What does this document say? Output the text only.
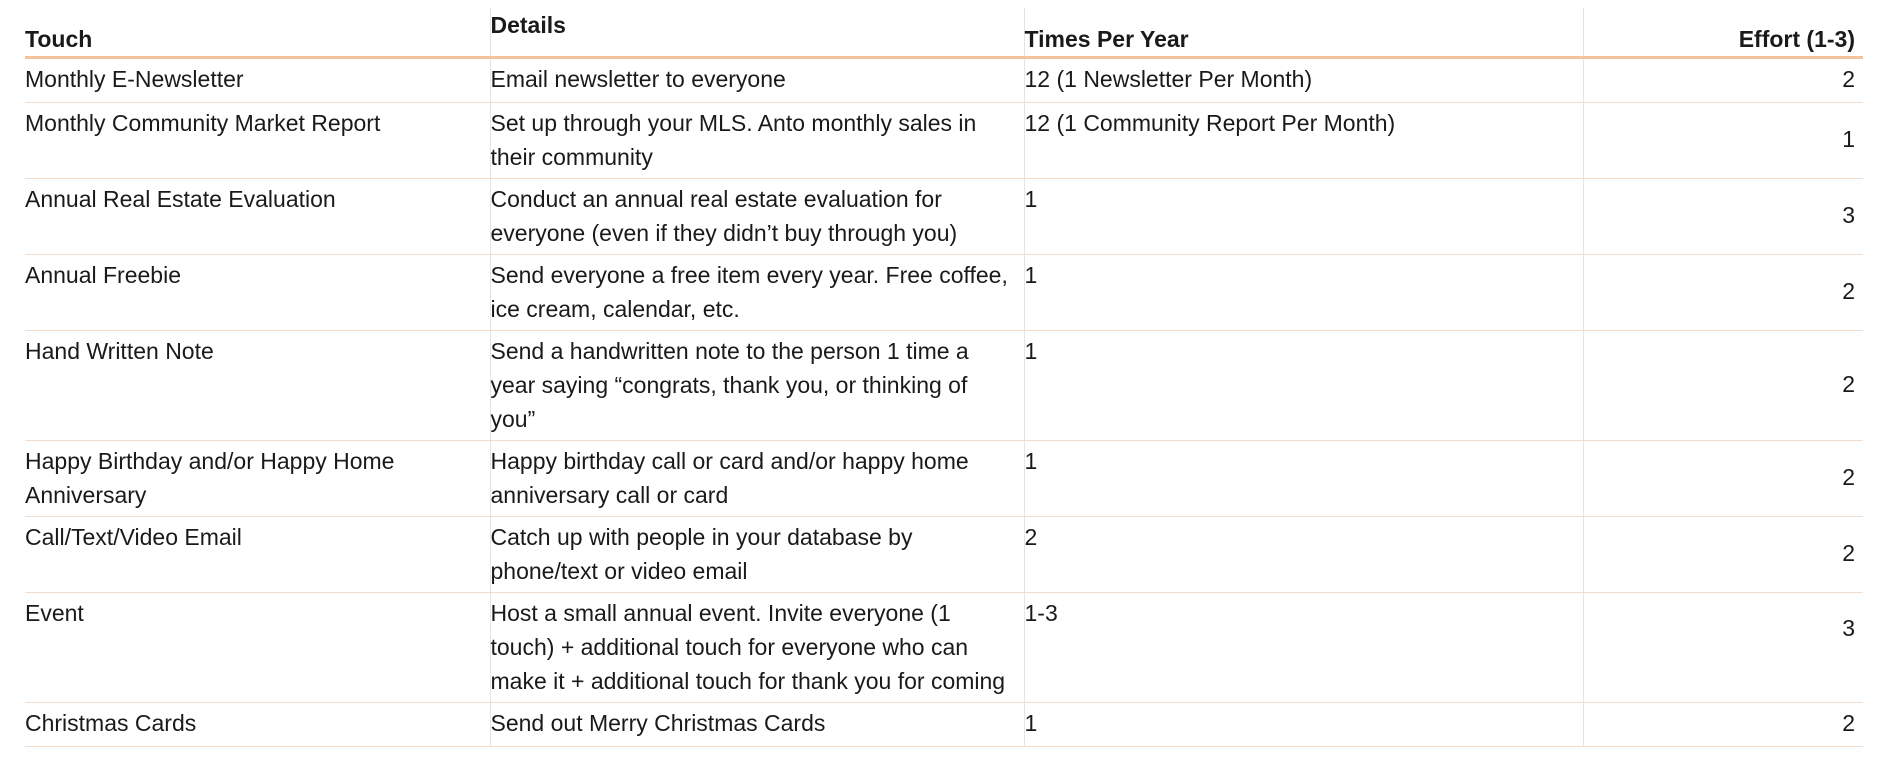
Touch	Details	Times Per Year	Effort (1-3)

Monthly E-Newsletter	Email newsletter to everyone	12 (1 Newsletter Per Month)	2

Monthly Community Market Report	Set up through your MLS. Anto monthly sales in their community	12 (1 Community Report Per Month)	1

Annual Real Estate Evaluation	Conduct an annual real estate evaluation for everyone (even if they didn’t buy through you)	1	3

Annual Freebie	Send everyone a free item every year. Free coffee, ice cream, calendar, etc.	1	2

Hand Written Note	Send a handwritten note to the person 1 time a year saying “congrats, thank you, or thinking of you”	1	2

Happy Birthday and/or Happy Home Anniversary	Happy birthday call or card and/or happy home anniversary call or card	1	2

Call/Text/Video Email	Catch up with people in your database by phone/text or video email	2	2

Event	Host a small annual event. Invite everyone (1 touch) + additional touch for everyone who can make it + additional touch for thank you for coming	1-3	3

Christmas Cards	Send out Merry Christmas Cards	1	2
